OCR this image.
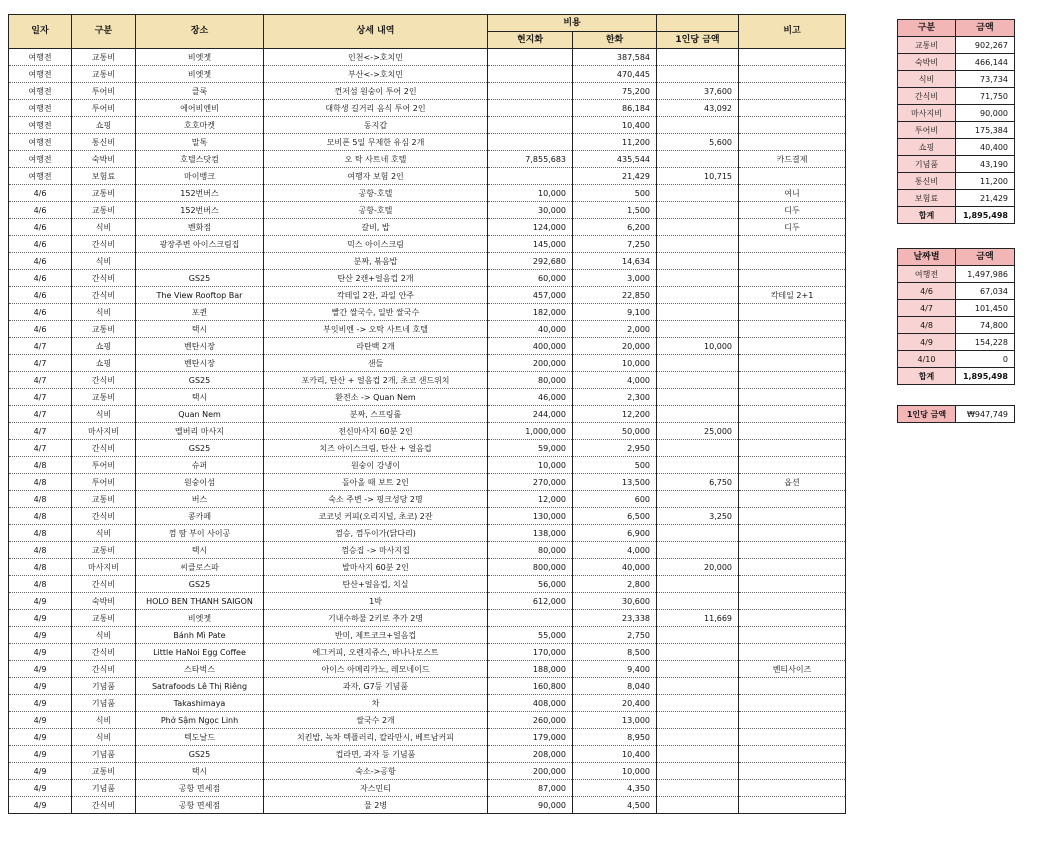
일자	구분	장소	상세 내역	비용			비고
				현지화	한화	1인당 금액	
여행전	교통비	비엣젯	인천<->호치민		387,584		
여행전	교통비	비엣젯	부산<->호치민		470,445		
여행전	투어비	클룩	껀저섬 원숭이 투어 2인		75,200	37,600	
여행전	투어비	에어비엔비	대학생 길거리 음식 투어 2인		86,184	43,092	
여행전	쇼핑	호호마켓	동지갑		10,400		
여행전	통신비	말톡	모비폰 5일 무제한 유심 2개		11,200	5,600	
여행전	숙박비	호텔스닷컴	오 탁 사트네 호텔	7,855,683	435,544		카드결제
여행전	보험료	마이뱅크	여행자 보험 2인		21,429	10,715	
4/6	교통비	152번버스	공항-호텔	10,000	500		여니
4/6	교통비	152번버스	공항-호텔	30,000	1,500		디두
4/6	식비	벤화점	갈비, 밥	124,000	6,200		디두
4/6	간식비	광장주변 아이스크림집	믹스 아이스크림	145,000	7,250		
4/6	식비		분짜, 볶음밥	292,680	14,634		
4/6	간식비	GS25	탄산 2캔+얼음컵 2개	60,000	3,000		
4/6	간식비	The View Rooftop Bar	칵테일 2잔, 과일 안주	457,000	22,850		칵테일 2+1
4/6	식비	포퀸	빨간 쌀국수, 일반 쌀국수	182,000	9,100		
4/6	교통비	택시	부잇비엔 -> 오탁 사트네 호텔	40,000	2,000		
4/7	쇼핑	벤탄시장	라탄백 2개	400,000	20,000	10,000	
4/7	쇼핑	벤탄시장	샌들	200,000	10,000		
4/7	간식비	GS25	포카리, 탄산 + 얼음컵 2개, 초코 샌드위치	80,000	4,000		
4/7	교통비	택시	환전소 -> Quan Nem	46,000	2,300		
4/7	식비	Quan Nem	분짜, 스프링롤	244,000	12,200		
4/7	마사지비	멜버리 마사지	전신마사지 60분 2인	1,000,000	50,000	25,000	
4/7	간식비	GS25	치즈 아이스크림, 탄산 + 얼음컵	59,000	2,950		
4/8	투어비	슈퍼	원숭이 강냉이	10,000	500		
4/8	투어비	원숭이섬	돌아올 때 보트 2인	270,000	13,500	6,750	옵션
4/8	교통비	버스	숙소 주변 -> 핑크성당 2명	12,000	600		
4/8	간식비	콩카페	코코넛 커피(오리지널, 초코) 2잔	130,000	6,500	3,250	
4/8	식비	껌 땀 부이 사이공	껌승, 껌두이가(닭다리)	138,000	6,900		
4/8	교통비	택시	껌승집 -> 마사지집	80,000	4,000		
4/8	마사지비	씨클로스파	발마사지 60분 2인	800,000	40,000	20,000	
4/8	간식비	GS25	탄산+얼음컵, 치실	56,000	2,800		
4/9	숙박비	HOLO BEN THANH SAIGON	1박	612,000	30,600		
4/9	교통비	비엣젯	기내수하물 2키로 추가 2명		23,338	11,669	
4/9	식비	Bánh Mì Pate	반미, 제트코크+얼음컵	55,000	2,750		
4/9	간식비	Little HaNoi Egg Coffee	에그커피, 오렌지쥬스, 바나나로스트	170,000	8,500		
4/9	간식비	스타벅스	아이스 아메리카노, 레모네이드	188,000	9,400		벤티사이즈
4/9	기념품	Satrafoods Lê Thị Riêng	과자, G7등 기념품	160,800	8,040		
4/9	기념품	Takashimaya	차	408,000	20,400		
4/9	식비	Phở Sậm Ngọc Linh	쌀국수 2개	260,000	13,000		
4/9	식비	텍도날드	치킨밥, 녹차 텍플러리, 칼라만시, 베트남커피	179,000	8,950		
4/9	기념품	GS25	컵라면, 과자 등 기념품	208,000	10,400		
4/9	교통비	택시	숙소->공항	200,000	10,000		
4/9	기념품	공항 면세점	자스민티	87,000	4,350		
4/9	간식비	공항 면세점	물 2병	90,000	4,500		
구분	금액
교통비	902,267
숙박비	466,144
식비	73,734
간식비	71,750
마사지비	90,000
투어비	175,384
쇼핑	40,400
기념품	43,190
통신비	11,200
보험료	21,429
합계	1,895,498
날짜별	금액
여행전	1,497,986
4/6	67,034
4/7	101,450
4/8	74,800
4/9	154,228
4/10	0
합계	1,895,498
1인당 금액	₩947,749
